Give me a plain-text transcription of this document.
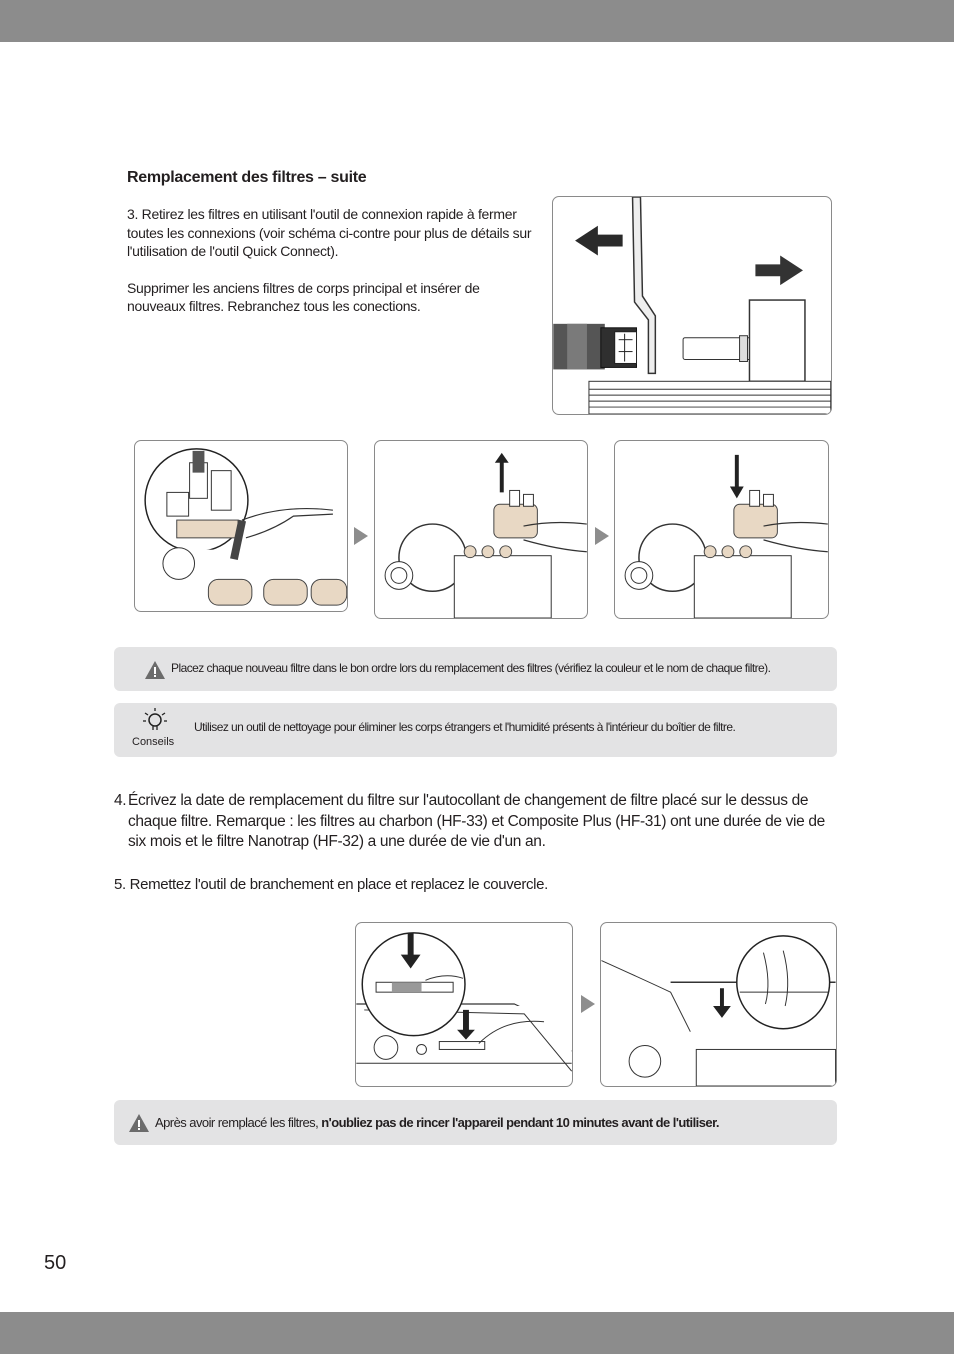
Remplacement des filtres – suite

3. Retirez les filtres en utilisant l'outil de connexion rapide à fermer toutes les connexions (voir schéma ci-contre pour plus de détails sur l'utilisation de l'outil Quick Connect).

Supprimer les anciens filtres de corps principal et insérer de nouveaux filtres. Rebranchez tous les conections.

Placez chaque nouveau filtre dans le bon ordre lors du remplacement des filtres (vérifiez la couleur et le nom de chaque filtre).
Conseils
Utilisez un outil de nettoyage pour éliminer les corps étrangers et l'humidité présents à l'intérieur du boîtier de filtre.
4. Écrivez la date de remplacement du filtre sur l'autocollant de changement de filtre placé sur le dessus de chaque filtre. Remarque : les filtres au charbon (HF-33) et Composite Plus (HF-31) ont une durée de vie de six mois et le filtre Nanotrap (HF-32) a une durée de vie d'un an.
5. Remettez l'outil de branchement en place et replacez le couvercle.
Après avoir remplacé les filtres, n'oubliez pas de rincer l'appareil pendant 10 minutes avant de l'utiliser.
50
